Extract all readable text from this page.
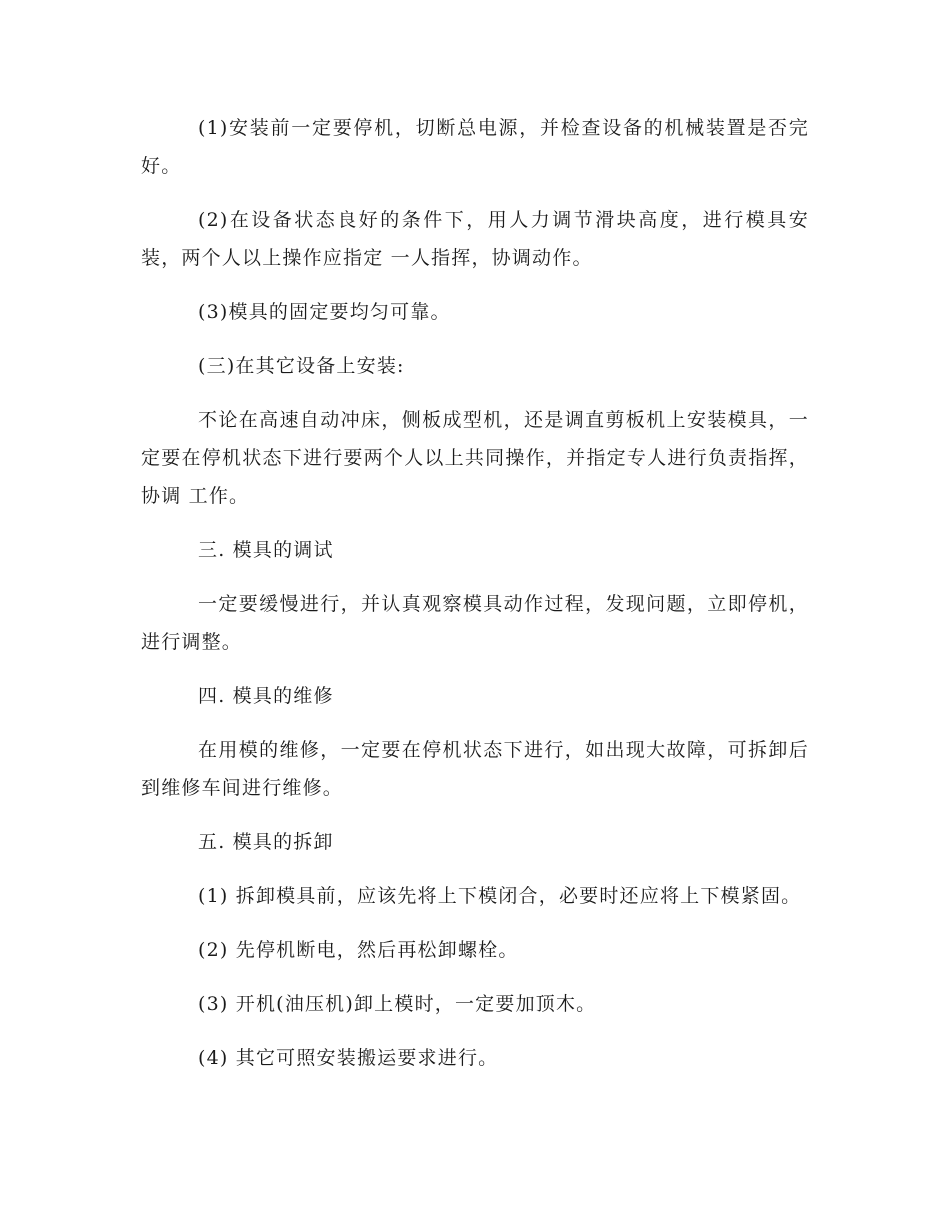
(1)安装前一定要停机，切断总电源，并检查设备的机械装置是否完好。

(2)在设备状态良好的条件下，用人力调节滑块高度，进行模具安装，两个人以上操作应指定 一人指挥，协调动作。

(3)模具的固定要均匀可靠。

(三)在其它设备上安装:

不论在高速自动冲床，侧板成型机，还是调直剪板机上安装模具，一定要在停机状态下进行要两个人以上共同操作，并指定专人进行负责指挥，协调 工作。

三. 模具的调试

一定要缓慢进行，并认真观察模具动作过程，发现问题，立即停机，进行调整。

四. 模具的维修

在用模的维修，一定要在停机状态下进行，如出现大故障，可拆卸后到维修车间进行维修。

五. 模具的拆卸

(1) 拆卸模具前，应该先将上下模闭合，必要时还应将上下模紧固。

(2) 先停机断电，然后再松卸螺栓。

(3) 开机(油压机)卸上模时，一定要加顶木。

(4) 其它可照安装搬运要求进行。
